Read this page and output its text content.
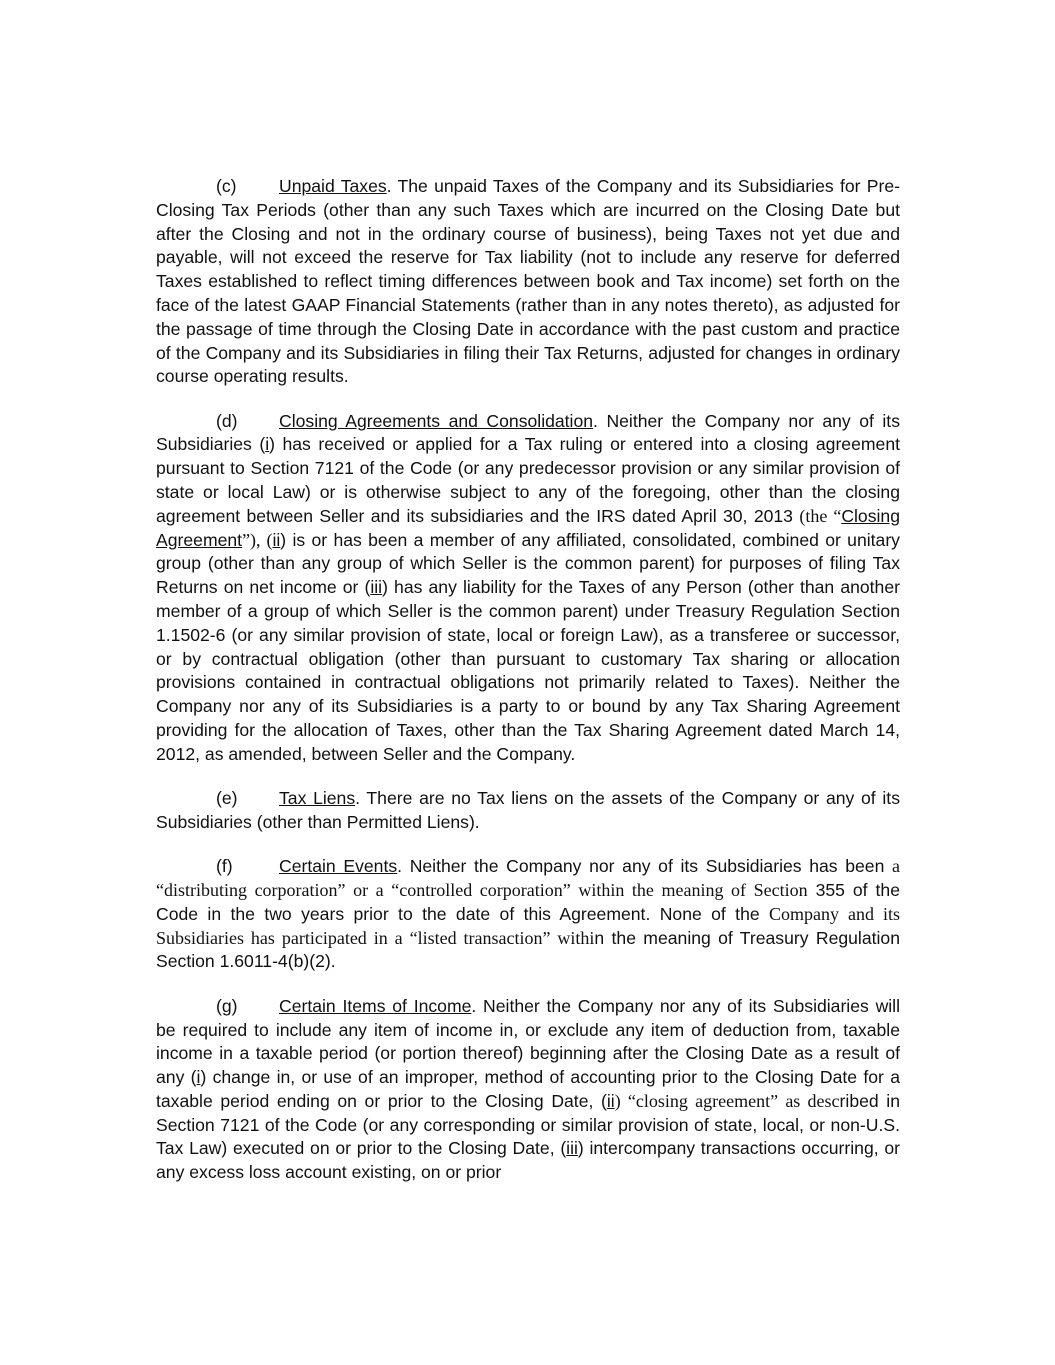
(c) Unpaid Taxes. The unpaid Taxes of the Company and its Subsidiaries for Pre-Closing Tax Periods (other than any such Taxes which are incurred on the Closing Date but after the Closing and not in the ordinary course of business), being Taxes not yet due and payable, will not exceed the reserve for Tax liability (not to include any reserve for deferred Taxes established to reflect timing differences between book and Tax income) set forth on the face of the latest GAAP Financial Statements (rather than in any notes thereto), as adjusted for the passage of time through the Closing Date in accordance with the past custom and practice of the Company and its Subsidiaries in filing their Tax Returns, adjusted for changes in ordinary course operating results.

(d) Closing Agreements and Consolidation. Neither the Company nor any of its Subsidiaries (i) has received or applied for a Tax ruling or entered into a closing agreement pursuant to Section 7121 of the Code (or any predecessor provision or any similar provision of state or local Law) or is otherwise subject to any of the foregoing, other than the closing agreement between Seller and its subsidiaries and the IRS dated April 30, 2013 (the “Closing Agreement”), (ii) is or has been a member of any affiliated, consolidated, combined or unitary group (other than any group of which Seller is the common parent) for purposes of filing Tax Returns on net income or (iii) has any liability for the Taxes of any Person (other than another member of a group of which Seller is the common parent) under Treasury Regulation Section 1.1502-6 (or any similar provision of state, local or foreign Law), as a transferee or successor, or by contractual obligation (other than pursuant to customary Tax sharing or allocation provisions contained in contractual obligations not primarily related to Taxes). Neither the Company nor any of its Subsidiaries is a party to or bound by any Tax Sharing Agreement providing for the allocation of Taxes, other than the Tax Sharing Agreement dated March 14, 2012, as amended, between Seller and the Company.

(e) Tax Liens. There are no Tax liens on the assets of the Company or any of its Subsidiaries (other than Permitted Liens).

(f)	Certain Events. Neither the Company nor any of its Subsidiaries has been a “distributing corporation” or a “controlled corporation” within the meaning of Section 355 of the Code in the two years prior to the date of this Agreement. None of the Company and its Subsidiaries has participated in a “listed transaction” within the meaning of Treasury Regulation Section 1.6011-4(b)(2).

(g) Certain Items of Income. Neither the Company nor any of its Subsidiaries will be required to include any item of income in, or exclude any item of deduction from, taxable income in a taxable period (or portion thereof) beginning after the Closing Date as a result of any (i) change in, or use of an improper, method of accounting prior to the Closing Date for a taxable period ending on or prior to the Closing Date, (ii) “closing agreement” as described in Section 7121 of the Code (or any corresponding or similar provision of state, local, or non-U.S. Tax Law) executed on or prior to the Closing Date, (iii) intercompany transactions occurring, or any excess loss account existing, on or prior
